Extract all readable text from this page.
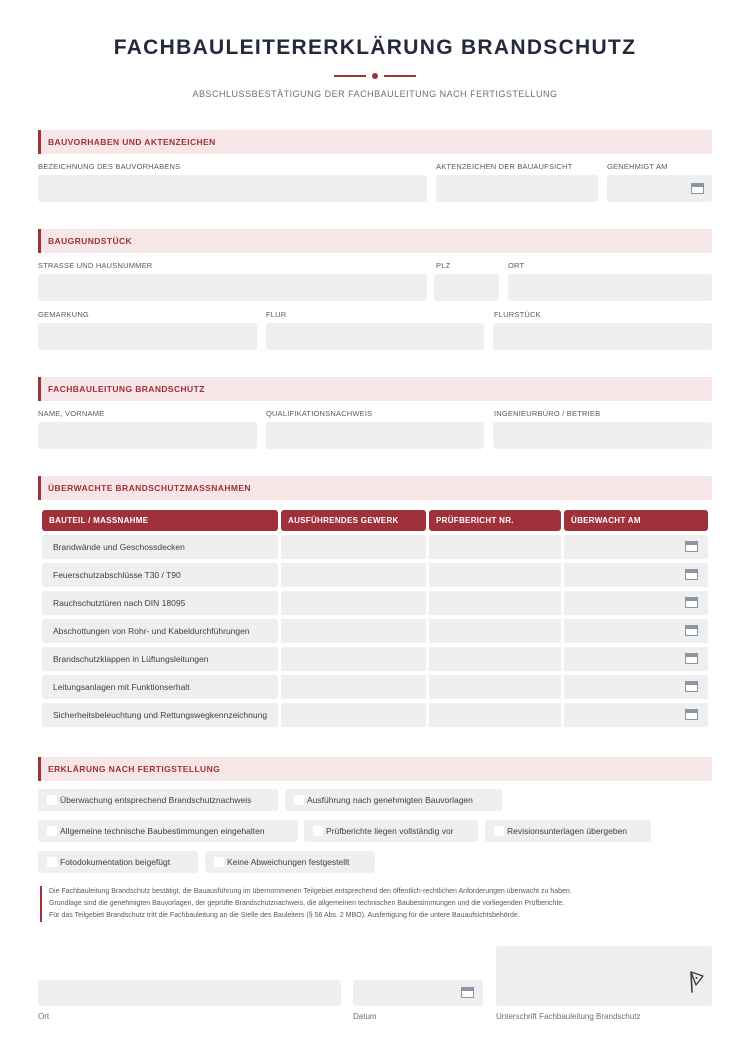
FACHBAULEITERERKLÄRUNG BRANDSCHUTZ
ABSCHLUSSBESTÄTIGUNG DER FACHBAULEITUNG NACH FERTIGSTELLUNG
BAUVORHABEN UND AKTENZEICHEN
BEZEICHNUNG DES BAUVORHABENS	AKTENZEICHEN DER BAUAUFSICHT	GENEHMIGT AM
BAUGRUNDSTÜCK
STRASSE UND HAUSNUMMER	PLZ	ORT
GEMARKUNG	FLUR	FLURSTÜCK
FACHBAULEITUNG BRANDSCHUTZ
NAME, VORNAME	QUALIFIKATIONSNACHWEIS	INGENIEURBÜRO / BETRIEB
ÜBERWACHTE BRANDSCHUTZMASSNAHMEN
BAUTEIL / MASSNAHME	AUSFÜHRENDES GEWERK	PRÜFBERICHT NR.	ÜBERWACHT AM
Brandwände und Geschossdecken
Feuerschutzabschlüsse T30 / T90
Rauchschutztüren nach DIN 18095
Abschottungen von Rohr- und Kabeldurchführungen
Brandschutzklappen in Lüftungsleitungen
Leitungsanlagen mit Funktionserhalt
Sicherheitsbeleuchtung und Rettungswegkennzeichnung
ERKLÄRUNG NACH FERTIGSTELLUNG
Überwachung entsprechend Brandschutznachweis	Ausführung nach genehmigten Bauvorlagen
Allgemeine technische Baubestimmungen eingehalten	Prüfberichte liegen vollständig vor	Revisionsunterlagen übergeben
Fotodokumentation beigefügt	Keine Abweichungen festgestellt

Die Fachbauleitung Brandschutz bestätigt, die Bauausführung im übernommenen Teilgebiet entsprechend den öffentlich-rechtlichen Anforderungen überwacht zu haben.

Grundlage sind die genehmigten Bauvorlagen, der geprüfte Brandschutznachweis, die allgemeinen technischen Baubestimmungen und die vorliegenden Prüfberichte.

Für das Teilgebiet Brandschutz tritt die Fachbauleitung an die Stelle des Bauleiters (§ 56 Abs. 2 MBO). Ausfertigung für die untere Bauaufsichtsbehörde.

Ort	Datum	Unterschrift Fachbauleitung Brandschutz
